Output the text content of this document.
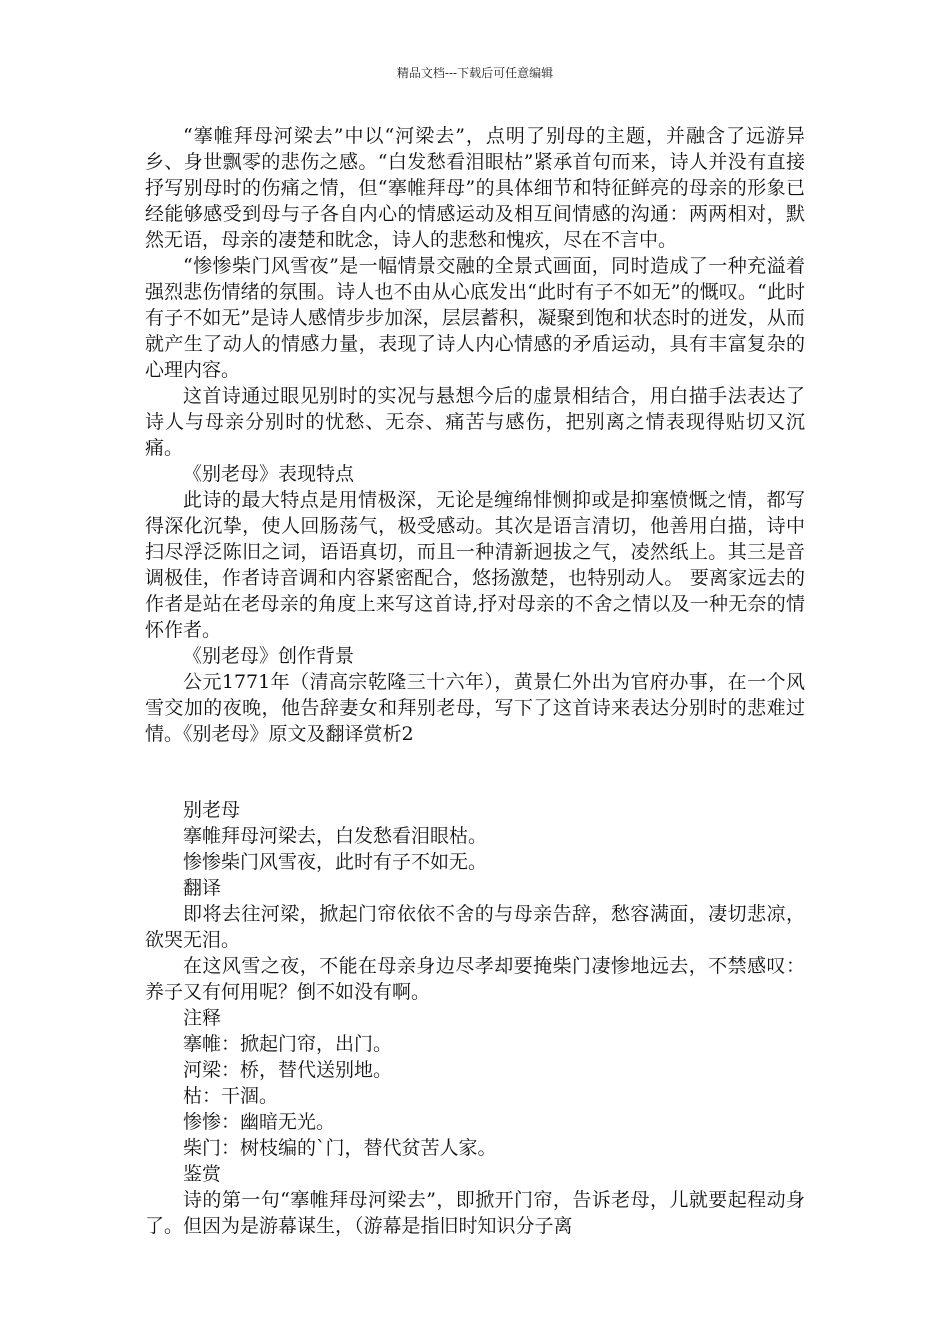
精品文档---下载后可任意编辑

“搴帷拜母河梁去”中以“河梁去”，点明了别母的主题，并融含了远游异乡、身世飘零的悲伤之感。“白发愁看泪眼枯”紧承首句而来，诗人并没有直接抒写别母时的伤痛之情，但“搴帷拜母”的具体细节和特征鲜亮的母亲的形象已经能够感受到母与子各自内心的情感运动及相互间情感的沟通：两两相对，默然无语，母亲的凄楚和眈念，诗人的悲愁和愧疚，尽在不言中。

“惨惨柴门风雪夜”是一幅情景交融的全景式画面，同时造成了一种充溢着强烈悲伤情绪的氛围。诗人也不由从心底发出“此时有子不如无”的慨叹。“此时有子不如无”是诗人感情步步加深，层层蓄积，凝聚到饱和状态时的迸发，从而就产生了动人的情感力量，表现了诗人内心情感的矛盾运动，具有丰富复杂的心理内容。

这首诗通过眼见别时的实况与悬想今后的虚景相结合，用白描手法表达了诗人与母亲分别时的忧愁、无奈、痛苦与感伤，把别离之情表现得贴切又沉痛。

《别老母》表现特点

此诗的最大特点是用情极深，无论是缠绵悱恻抑或是抑塞愤慨之情，都写得深化沉挚，使人回肠荡气，极受感动。其次是语言清切，他善用白描，诗中扫尽浮泛陈旧之词，语语真切，而且一种清新迥拔之气，凌然纸上。其三是音调极佳，作者诗音调和内容紧密配合，悠扬激楚，也特别动人。 要离家远去的作者是站在老母亲的角度上来写这首诗,抒对母亲的不舍之情以及一种无奈的情怀作者。

《别老母》创作背景

公元1771年（清高宗乾隆三十六年），黄景仁外出为官府办事，在一个风雪交加的夜晚，他告辞妻女和拜别老母，写下了这首诗来表达分别时的悲难过情。《别老母》原文及翻译赏析2

别老母

搴帷拜母河梁去，白发愁看泪眼枯。

惨惨柴门风雪夜，此时有子不如无。

翻译

即将去往河梁，掀起门帘依依不舍的与母亲告辞，愁容满面，凄切悲凉，欲哭无泪。

在这风雪之夜，不能在母亲身边尽孝却要掩柴门凄惨地远去，不禁感叹：养子又有何用呢？倒不如没有啊。

注释

搴帷：掀起门帘，出门。

河梁：桥，替代送别地。

枯：干涸。

惨惨：幽暗无光。

柴门：树枝编的`门，替代贫苦人家。

鉴赏

诗的第一句“搴帷拜母河梁去”，即掀开门帘，告诉老母，儿就要起程动身了。但因为是游幕谋生，（游幕是指旧时知识分子离
